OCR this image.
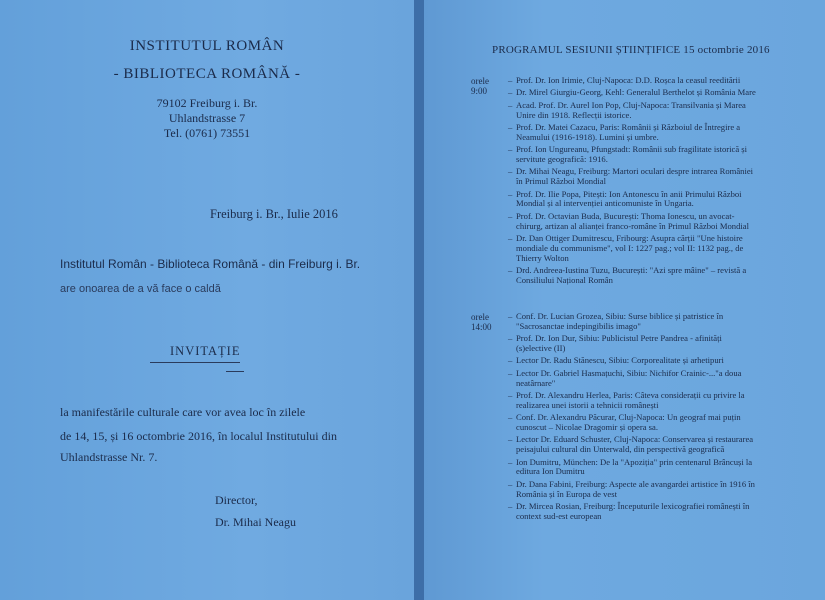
INSTITUTUL ROMÂN
- BIBLIOTECA ROMÂNĂ -
79102 Freiburg i. Br.
Uhlandstrasse 7
Tel. (0761) 73551
Freiburg i. Br., Iulie 2016
Institutul Român - Biblioteca Română - din Freiburg i. Br.
are onoarea de a vă face o caldă
INVITAȚIE
la manifestările culturale care vor avea loc în zilele
de 14, 15, și 16 octombrie 2016, în localul Institutului din
Uhlandstrasse Nr. 7.
Director,
Dr. Mihai Neagu
PROGRAMUL SESIUNII ȘTIINȚIFICE 15 octombrie 2016
orele
9:00
– Prof. Dr. Ion Irimie, Cluj-Napoca: D.D. Roșca la ceasul reeditării
– Dr. Mirel Giurgiu-Georg, Kehl: Generalul Berthelot și România Mare
– Acad. Prof. Dr. Aurel Ion Pop, Cluj-Napoca: Transilvania și Marea Unire din 1918. Reflecții istorice.
– Prof. Dr. Matei Cazacu, Paris: Românii și Războiul de Întregire a Neamului (1916-1918). Lumini și umbre.
– Prof. Ion Ungureanu, Pfungstadt: Românii sub fragilitate istorică și servitute geografică: 1916.
– Dr. Mihai Neagu, Freiburg: Martori oculari despre intrarea României în Primul Război Mondial
– Prof. Dr. Ilie Popa, Pitești: Ion Antonescu în anii Primului Război Mondial și al intervenției anticomuniste în Ungaria.
– Prof. Dr. Octavian Buda, București: Thoma Ionescu, un avocat-chirurg, artizan al alianței franco-române în Primul Război Mondial
– Dr. Dan Ottiger Dumitrescu, Fribourg: Asupra cărții "Une histoire mondiale du communisme", vol I: 1227 pag.; vol II: 1132 pag., de Thierry Wolton
– Drd. Andreea-Iustina Tuzu, București: "Azi spre mâine" – revistă a Consiliului Național Român
orele
14:00
– Conf. Dr. Lucian Grozea, Sibiu: Surse biblice și patristice în "Sacrosanctae indepingibilis imago"
– Prof. Dr. Ion Dur, Sibiu: Publicistul Petre Pandrea - afinități (s)elective (II)
– Lector Dr. Radu Stănescu, Sibiu: Corporealitate și arhetipuri
– Lector Dr. Gabriel Hasmațuchi, Sibiu: Nichifor Crainic-..."a doua neatârnare"
– Prof. Dr. Alexandru Herlea, Paris: Câteva considerații cu privire la realizarea unei istorii a tehnicii românești
– Conf. Dr. Alexandru Păcurar, Cluj-Napoca: Un geograf mai puțin cunoscut – Nicolae Dragomir și opera sa.
– Lector Dr. Eduard Schuster, Cluj-Napoca: Conservarea și restaurarea peisajului cultural din Unterwald, din perspectivă geografică
– Ion Dumitru, München: De la "Apoziția" prin centenarul Brâncuși la editura Ion Dumitru
– Dr. Dana Fabini, Freiburg: Aspecte ale avangardei artistice în 1916 în România și în Europa de vest
– Dr. Mircea Rosian, Freiburg: Începuturile lexicografiei românești în context sud-est european
